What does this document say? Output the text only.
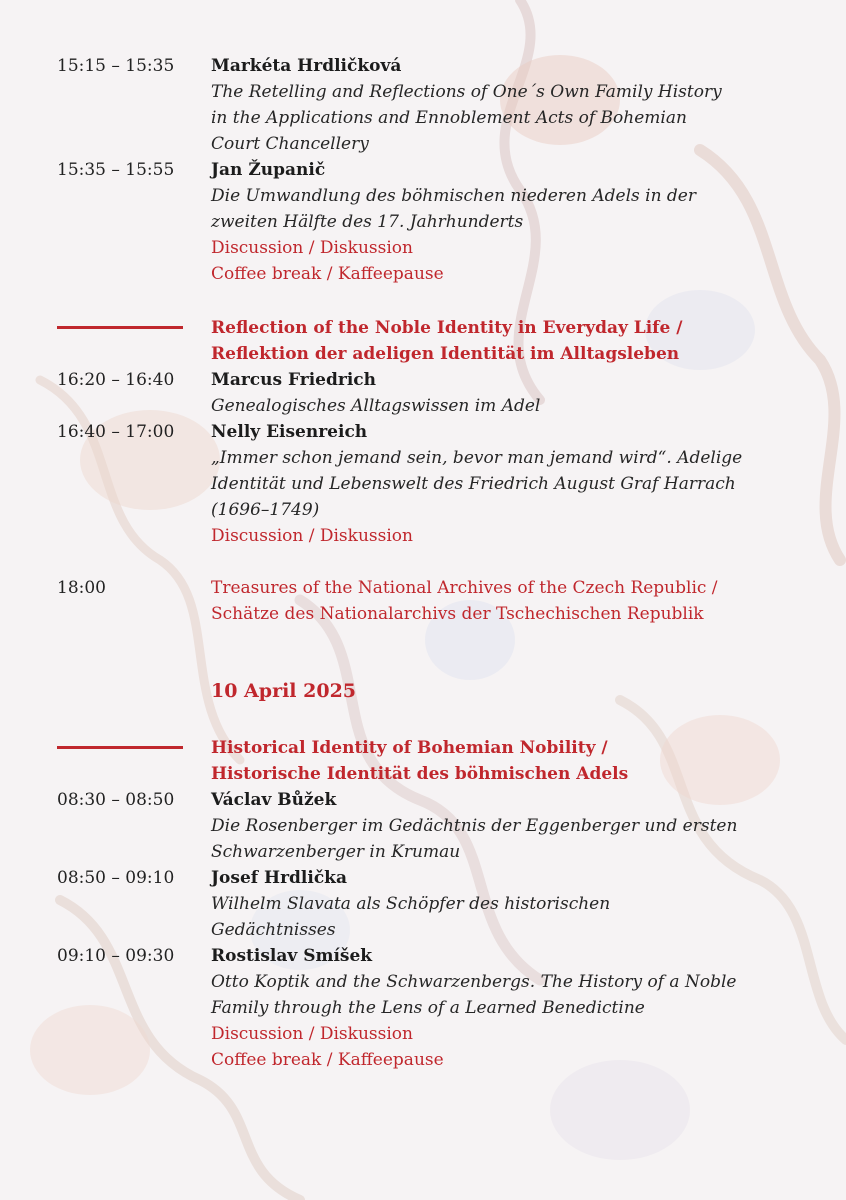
15:15 – 15:35	Markéta Hrdličková
The Retelling and Reflections of One´s Own Family History
in the Applications and Ennoblement Acts of Bohemian
Court Chancellery
15:35 – 15:55	Jan Županič
Die Umwandlung des böhmischen niederen Adels in der
zweiten Hälfte des 17. Jahrhunderts
Discussion / Diskussion
Coffee break / Kaffeepause
Reflection of the Noble Identity in Everyday Life /
Reflektion der adeligen Identität im Alltagsleben
16:20 – 16:40	Marcus Friedrich
Genealogisches Alltagswissen im Adel
16:40 – 17:00	Nelly Eisenreich
„Immer schon jemand sein, bevor man jemand wird“. Adelige
Identität und Lebenswelt des Friedrich August Graf Harrach
(1696–1749)
Discussion / Diskussion
18:00	Treasures of the National Archives of the Czech Republic /
Schätze des Nationalarchivs der Tschechischen Republik
10 April 2025
Historical Identity of Bohemian Nobility /
Historische Identität des böhmischen Adels
08:30 – 08:50	Václav Bůžek
Die Rosenberger im Gedächtnis der Eggenberger und ersten
Schwarzenberger in Krumau
08:50 – 09:10	Josef Hrdlička
Wilhelm Slavata als Schöpfer des historischen
Gedächtnisses
09:10 – 09:30	Rostislav Smíšek
Otto Koptik and the Schwarzenbergs. The History of a Noble
Family through the Lens of a Learned Benedictine
Discussion / Diskussion
Coffee break / Kaffeepause
